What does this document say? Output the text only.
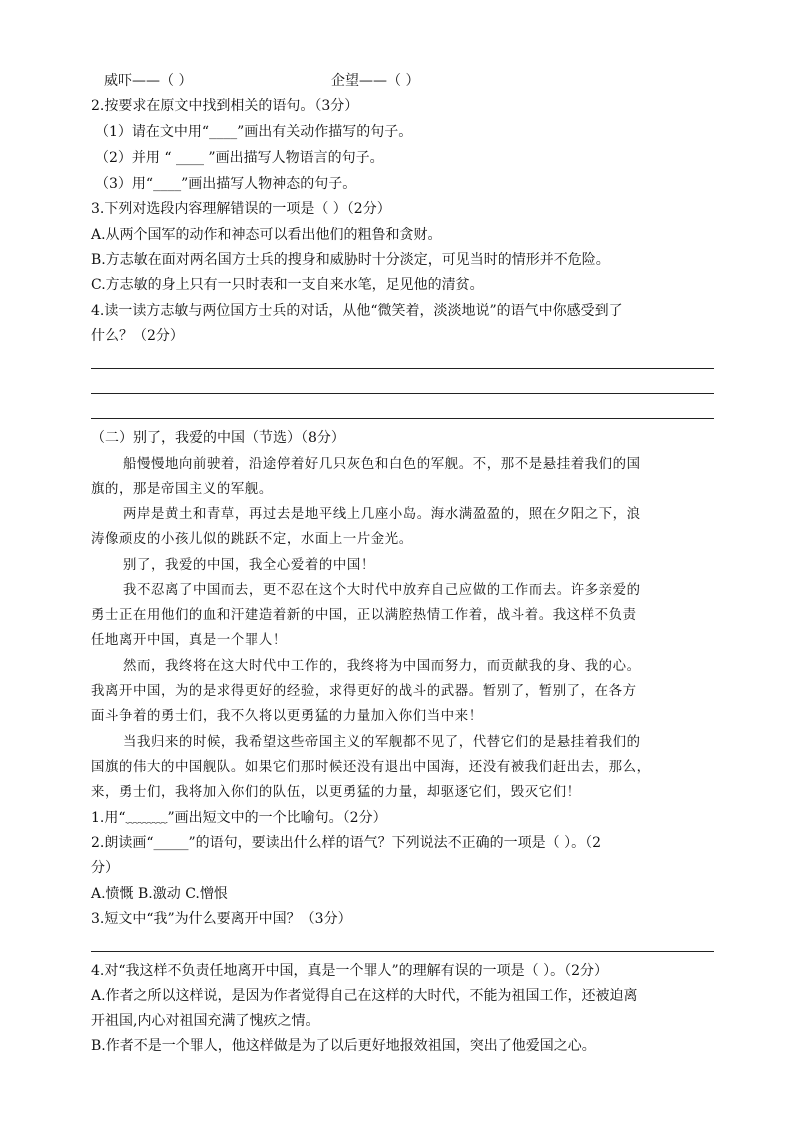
威吓——（ ）	企望——（ ）
2.按要求在原文中找到相关的语句。（3分）
（1）请在文中用“____”画出有关动作描写的句子。
（2）并用 “ ____ ”画出描写人物语言的句子。
（3）用“____”画出描写人物神态的句子。
3.下列对选段内容理解错误的一项是（ ）（2分）
A.从两个国军的动作和神态可以看出他们的粗鲁和贪财。
B.方志敏在面对两名国方士兵的搜身和威胁时十分淡定，可见当时的情形并不危险。
C.方志敏的身上只有一只时表和一支自来水笔，足见他的清贫。
4.读一读方志敏与两位国方士兵的对话，从他“微笑着，淡淡地说”的语气中你感受到了
什么？（2分）
（二）别了，我爱的中国（节选）（8分）
船慢慢地向前驶着，沿途停着好几只灰色和白色的军舰。不，那不是悬挂着我们的国
旗的，那是帝国主义的军舰。
两岸是黄土和青草，再过去是地平线上几座小岛。海水满盈盈的，照在夕阳之下，浪
涛像顽皮的小孩儿似的跳跃不定，水面上一片金光。
别了，我爱的中国，我全心爱着的中国！
我不忍离了中国而去，更不忍在这个大时代中放弃自己应做的工作而去。许多亲爱的
勇士正在用他们的血和汗建造着新的中国，正以满腔热情工作着，战斗着。我这样不负责
任地离开中国，真是一个罪人！
然而，我终将在这大时代中工作的，我终将为中国而努力，而贡献我的身、我的心。
我离开中国，为的是求得更好的经验，求得更好的战斗的武器。暂别了，暂别了，在各方
面斗争着的勇士们，我不久将以更勇猛的力量加入你们当中来！
当我归来的时候，我希望这些帝国主义的军舰都不见了，代替它们的是悬挂着我们的
国旗的伟大的中国舰队。如果它们那时候还没有退出中国海，还没有被我们赶出去，那么，
来，勇士们，我将加入你们的队伍，以更勇猛的力量，却驱逐它们，毁灭它们！
1.用“﹏﹏﹏”画出短文中的一个比喻句。（2分）
2.朗读画“_____”的语句，要读出什么样的语气？下列说法不正确的一项是（ ）。（2
分）
A.愤慨 B.激动 C.憎恨
3.短文中“我”为什么要离开中国？（3分）
4.对“我这样不负责任地离开中国，真是一个罪人”的理解有误的一项是（ ）。（2分）
A.作者之所以这样说，是因为作者觉得自己在这样的大时代，不能为祖国工作，还被迫离
开祖国,内心对祖国充满了愧疚之情。
B.作者不是一个罪人，他这样做是为了以后更好地报效祖国，突出了他爱国之心。
